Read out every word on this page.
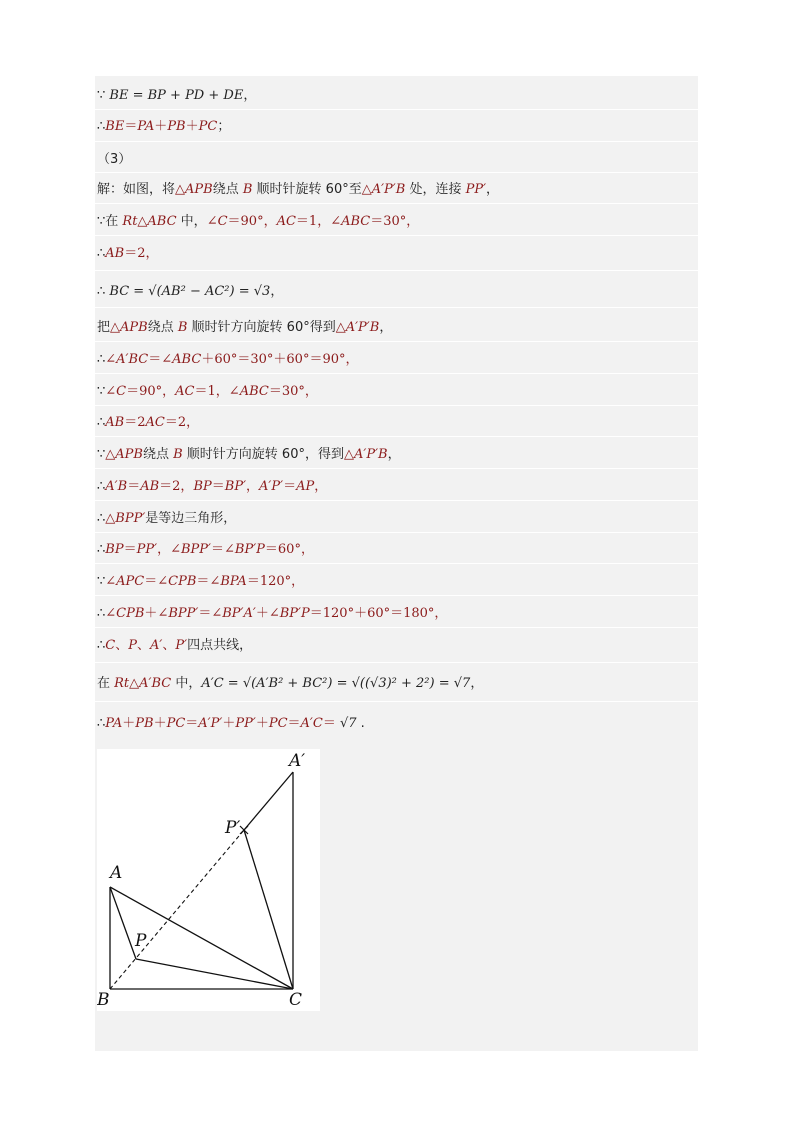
∵ BE = BP + PD + DE，
∴BE＝PA＋PB＋PC；
（3）
解：如图，将△APB绕点 B 顺时针旋转 60°至△A′P′B 处，连接 PP′，
∵在 Rt△ABC 中，∠C＝90°，AC＝1，∠ABC＝30°，
∴AB＝2，
∴ BC = √(AB² − AC²) = √3，
把△APB绕点 B 顺时针方向旋转 60°得到△A′P′B，
∴∠A′BC＝∠ABC＋60°＝30°＋60°＝90°，
∵∠C＝90°，AC＝1，∠ABC＝30°，
∴AB＝2AC＝2，
∵△APB绕点 B 顺时针方向旋转 60°，得到△A′P′B，
∴A′B＝AB＝2，BP＝BP′，A′P′＝AP，
∴△BPP′是等边三角形，
∴BP＝PP′，∠BPP′＝∠BP′P＝60°，
∵∠APC＝∠CPB＝∠BPA＝120°，
∴∠CPB＋∠BPP′＝∠BP′A′＋∠BP′P＝120°＋60°＝180°，
∴C、P、A′、P′四点共线，
在 Rt△A′BC 中，A′C = √(A′B² + BC²) = √((√3)² + 2²) = √7，
∴PA＋PB＋PC＝A′P′＋PP′＋PC＝A′C＝ √7 .
A′
P′
A
P
B	C
